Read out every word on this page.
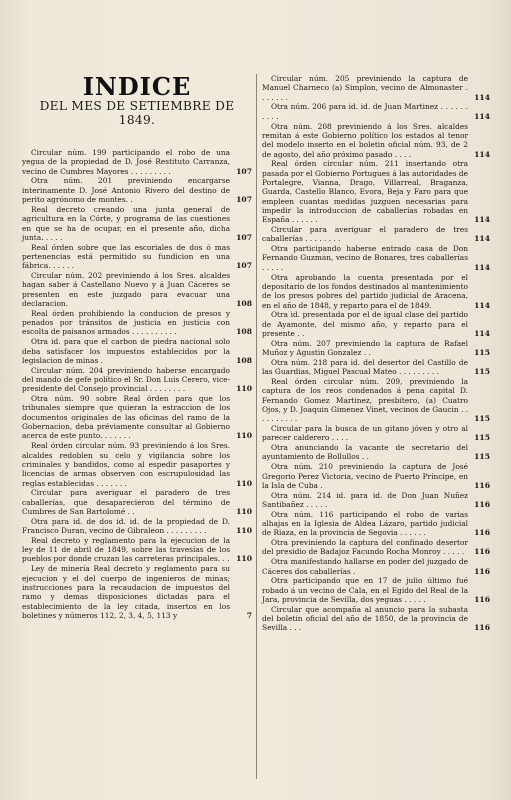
INDICE
DEL MES DE SETIEMBRE DE 1849.
Circular núm. 199 participando el robo de una yegua de la propiedad de D. José Restituto Carranza, vecino de Cumbres Mayores . . . . . . . . .	107
Otra núm. 201 previniendo encargarse interinamente D. José Antonio Rivero del destino de perito agrónomo de montes. .	107
Real decreto creando una junta general de agricultura en la Córte, y programa de las cuestiones en que se ha de ocupar, en el presente año, dicha junta. . . . .	107
Real órden sobre que las escoriales de dos ó mas pertenencias está permitido su fundicion en una fábrica. . . . . .	107
Circular núm. 202 previniendo á los Sres. alcaldes hagan saber á Castellano Nuevo y á Juan Cáceres se presenten en este juzgado para evacuar una declaracion.	108
Real órden prohibiendo la conducion de presos y penados por tránsitos de justicia en justicia con escolta de paisanos armados . . . . . . . . . .	108
Otra id. para que el carbon de piedra nacional solo deba satisfacer los impuestos establecidos por la legislacion de minas .	108
Circular núm. 204 previniendo haberse encargado del mando de gefe político el Sr. Don Luis Cerero, vice-presidente del Consejo provincial . . . . . . . .	110
Otra núm. 90 sobre Real órden para que los tribunales siempre que quieran la estraccion de los documentos originales de las oficinas del ramo de la Gobernacion, deba préviamente consultar al Gobierno acerca de este punto. . . . . . .	110
Real órden circular núm. 93 previniendo á los Sres. alcaldes redoblen su celo y vigilancia sobre los criminales y bandidos, como al espedir pasaportes y licencias de armas observen con escrupulosidad las reglas establecidas . . . . . . .	110
Circular para averiguar el paradero de tres caballerías, que desaparecieron del término de Cumbres de San Bartolomé . .	110
Otra para id. de dos id. id. de la propiedad de D. Francisco Duran, vecino de Gibraleon . . . . . . . . .	110
Real decreto y reglamento para la ejecucion de la ley de 11 de abril de 1849, sobre las travesías de los pueblos por donde cruzan las carreteras principales. . . 110
Ley de minería Real decreto y reglamento para su ejecucion y el del cuerpo de ingenieros de minas; instrucciones para la recaudacion de impuestos del ramo y demas disposiciones dictadas para el establecimiento de la ley citada, insertos en los boletines y números 112, 2, 3, 4, 5, 113 y	7
Circular núm. 205 previniendo la captura de Manuel Charneco (a) Simplon, vecino de Almonaster . . . . . . .	114
Otra núm. 206 para id. id. de Juan Martinez . . . . . . . . . .	114
Otra núm. 208 previniendo á los Sres. alcaldes remitan á este Gobierno político los estados al tenor del modelo inserto en el boletin oficial núm. 93, de 2 de agosto, del año próximo pasado . . . .	114
Real órden circular núm. 211 insertando otra pasada por el Gobierno Portugues á las autoridades de Portalegre, Vianna, Drago, Villarreal, Braganza, Guarda, Castello Blanco, Evora, Beja y Faro para que empleen cuantas medidas juzguen necesarias para impedir la introduccion de caballerías robadas en España . . . . . .	114
Circular para averiguar el paradero de tres caballerías . . . . . . . .	114
Otra participando haberse entrado casa de Don Fernando Guzman, vecino de Bonares, tres caballerías . . . . .	114
Otra aprobando la cuenta presentada por el depositario de los fondos destinados al mantenimiento de los presos pobres del partido judicial de Aracena, en el año de 1848, y reparto para el de 1849.	114
Otra id. presentada por el de igual clase del partido de Ayamonte, del mismo año, y reparto para el presente . .	114
Otra núm. 207 previniendo la captura de Rafael Muñoz y Agustin Gonzalez . .	115
Otra núm. 218 para id. del desertor del Castillo de las Guardias, Miguel Pascual Mateo . . . . . . . . .	115
Real órden circular núm. 209, previniendo la captura de los reos condenados á pena capital D. Fernando Gomez Martinez, presbítero, (a) Cuatro Ojos, y D. Joaquin Gimenez Vinet, vecinos de Gaucin . . . . . . . . . .	115
Circular para la busca de un gitano jóven y otro al parecer calderero . . . .	115
Otra anunciando la vacante de secretario del ayuntamiento de Bollullos . .	115
Otra núm. 210 previniendo la captura de José Gregorio Perez Victoria, vecino de Puerto Príncipe, en la Isla de Cuba .	116
Otra núm. 214 id. para id. de Don Juan Nuñez Santibañez . . . . .	116
Otra núm. 116 participando el robo de varias alhajas en la Iglesia de Aldea Lázaro, partido judicial de Riaza, en la provincia de Segovia . . . . . .	116
Otra previniendo la captura del confinado desertor del presidio de Badajoz Facundo Rocha Monroy . . . . . 116
Otra manifestando hallarse en poder del juzgado de Cáceres dos caballerías .	116
Otra participando que en 17 de julio último fué robado á un vecino de Cala, en el Egido del Real de la Jara, provincia de Sevilla, dos yeguas . . . . .	116
Circular que acompaña al anuncio para la subasta del boletin oficial del año de 1850, de la provincia de Sevilla . . .	116
